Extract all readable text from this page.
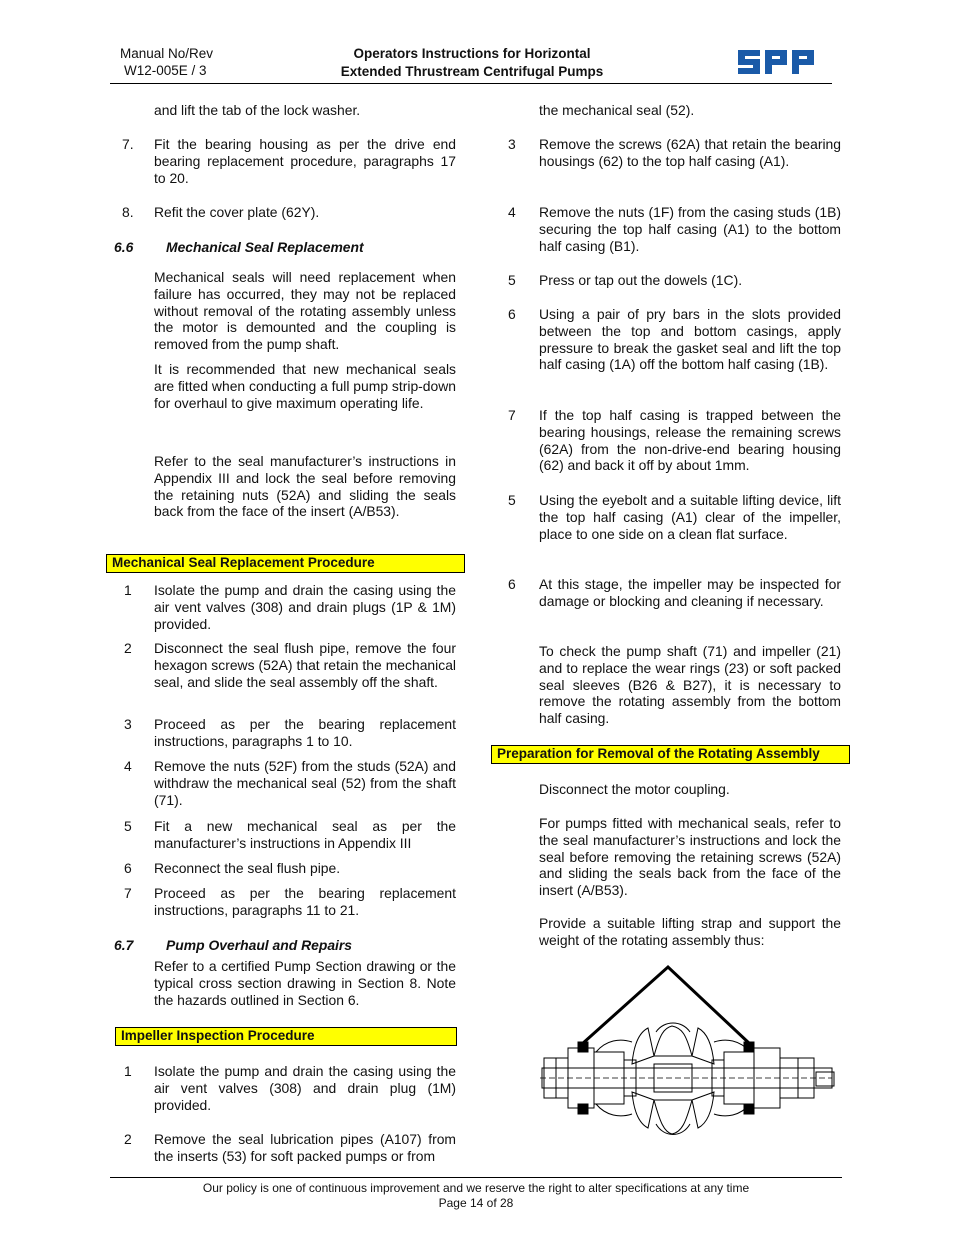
Manual No/Rev
W12-005E / 3
Operators Instructions for Horizontal
Extended Thrustream Centrifugal Pumps
and lift the tab of the lock washer.
7. Fit the bearing housing as per the drive end bearing replacement procedure, paragraphs 17 to 20.
8. Refit the cover plate (62Y).
6.6 Mechanical Seal Replacement
Mechanical seals will need replacement when failure has occurred, they may not be replaced without removal of the rotating assembly unless the motor is demounted and the coupling is removed from the pump shaft.
It is recommended that new mechanical seals are fitted when conducting a full pump strip-down for overhaul to give maximum operating life.
Refer to the seal manufacturer’s instructions in Appendix III and lock the seal before removing the retaining nuts (52A) and sliding the seals back from the face of the insert (A/B53).
Mechanical Seal Replacement Procedure
1 Isolate the pump and drain the casing using the air vent valves (308) and drain plugs (1P & 1M) provided.
2 Disconnect the seal flush pipe, remove the four hexagon screws (52A) that retain the mechanical seal, and slide the seal assembly off the shaft.
3 Proceed as per the bearing replacement instructions, paragraphs 1 to 10.
4 Remove the nuts (52F) from the studs (52A) and withdraw the mechanical seal (52) from the shaft (71).
5 Fit a new mechanical seal as per the manufacturer’s instructions in Appendix III
6 Reconnect the seal flush pipe.
7 Proceed as per the bearing replacement instructions, paragraphs 11 to 21.
6.7 Pump Overhaul and Repairs
Refer to a certified Pump Section drawing or the typical cross section drawing in Section 8. Note the hazards outlined in Section 6.
Impeller Inspection Procedure
1 Isolate the pump and drain the casing using the air vent valves (308) and drain plug (1M) provided.
2 Remove the seal lubrication pipes (A107) from the inserts (53) for soft packed pumps or from
the mechanical seal (52).
3 Remove the screws (62A) that retain the bearing housings (62) to the top half casing (A1).
4 Remove the nuts (1F) from the casing studs (1B) securing the top half casing (A1) to the bottom half casing (B1).
5 Press or tap out the dowels (1C).
6 Using a pair of pry bars in the slots provided between the top and bottom casings, apply pressure to break the gasket seal and lift the top half casing (1A) off the bottom half casing (1B).
7 If the top half casing is trapped between the bearing housings, release the remaining screws (62A) from the non-drive-end bearing housing (62) and back it off by about 1mm.
5 Using the eyebolt and a suitable lifting device, lift the top half casing (A1) clear of the impeller, place to one side on a clean flat surface.
6 At this stage, the impeller may be inspected for damage or blocking and cleaning if necessary.
To check the pump shaft (71) and impeller (21) and to replace the wear rings (23) or soft packed seal sleeves (B26 & B27), it is necessary to remove the rotating assembly from the bottom half casing.
Preparation for Removal of the Rotating Assembly
Disconnect the motor coupling.
For pumps fitted with mechanical seals, refer to the seal manufacturer’s instructions and lock the seal before removing the retaining screws (52A) and sliding the seals back from the face of the insert (A/B53).
Provide a suitable lifting strap and support the weight of the rotating assembly thus:
Our policy is one of continuous improvement and we reserve the right to alter specifications at any time
Page 14 of 28
